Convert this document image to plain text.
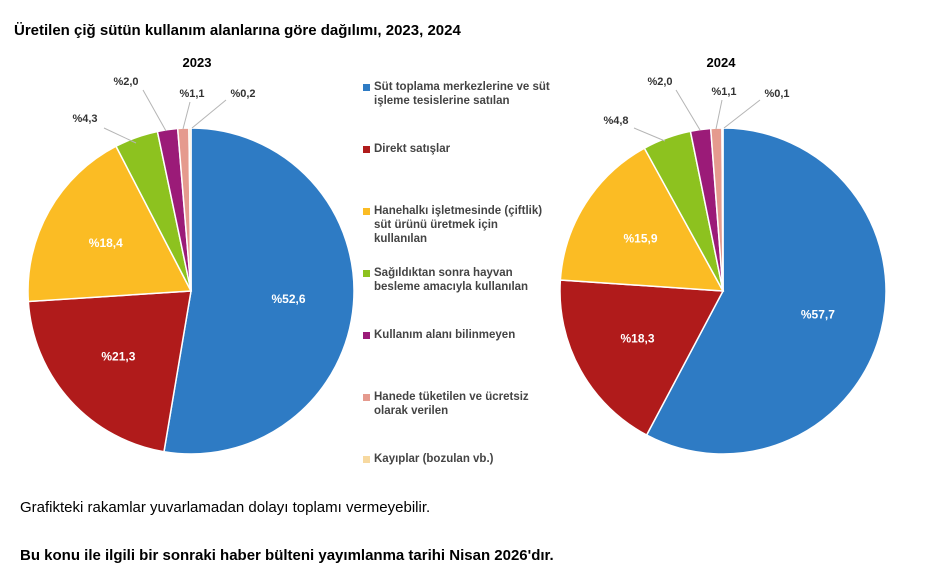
Üretilen çiğ sütün kullanım alanlarına göre dağılımı, 2023, 2024
2023
%52,6
%21,3
%18,4
%4,3
%2,0
%1,1 %0,2
2024
%57,7
%18,3
%15,9
%4,8
%2,0
%1,1	%0,1
Süt toplama merkezlerine ve süt işleme tesislerine satılan
Direkt satışlar
Hanehalkı işletmesinde (çiftlik) süt ürünü üretmek için kullanılan
Sağıldıktan sonra hayvan besleme amacıyla kullanılan
Kullanım alanı bilinmeyen
Hanede tüketilen ve ücretsiz olarak verilen
Kayıplar (bozulan vb.)
Grafikteki rakamlar yuvarlamadan dolayı toplamı vermeyebilir.
Bu konu ile ilgili bir sonraki haber bülteni yayımlanma tarihi Nisan 2026'dır.
